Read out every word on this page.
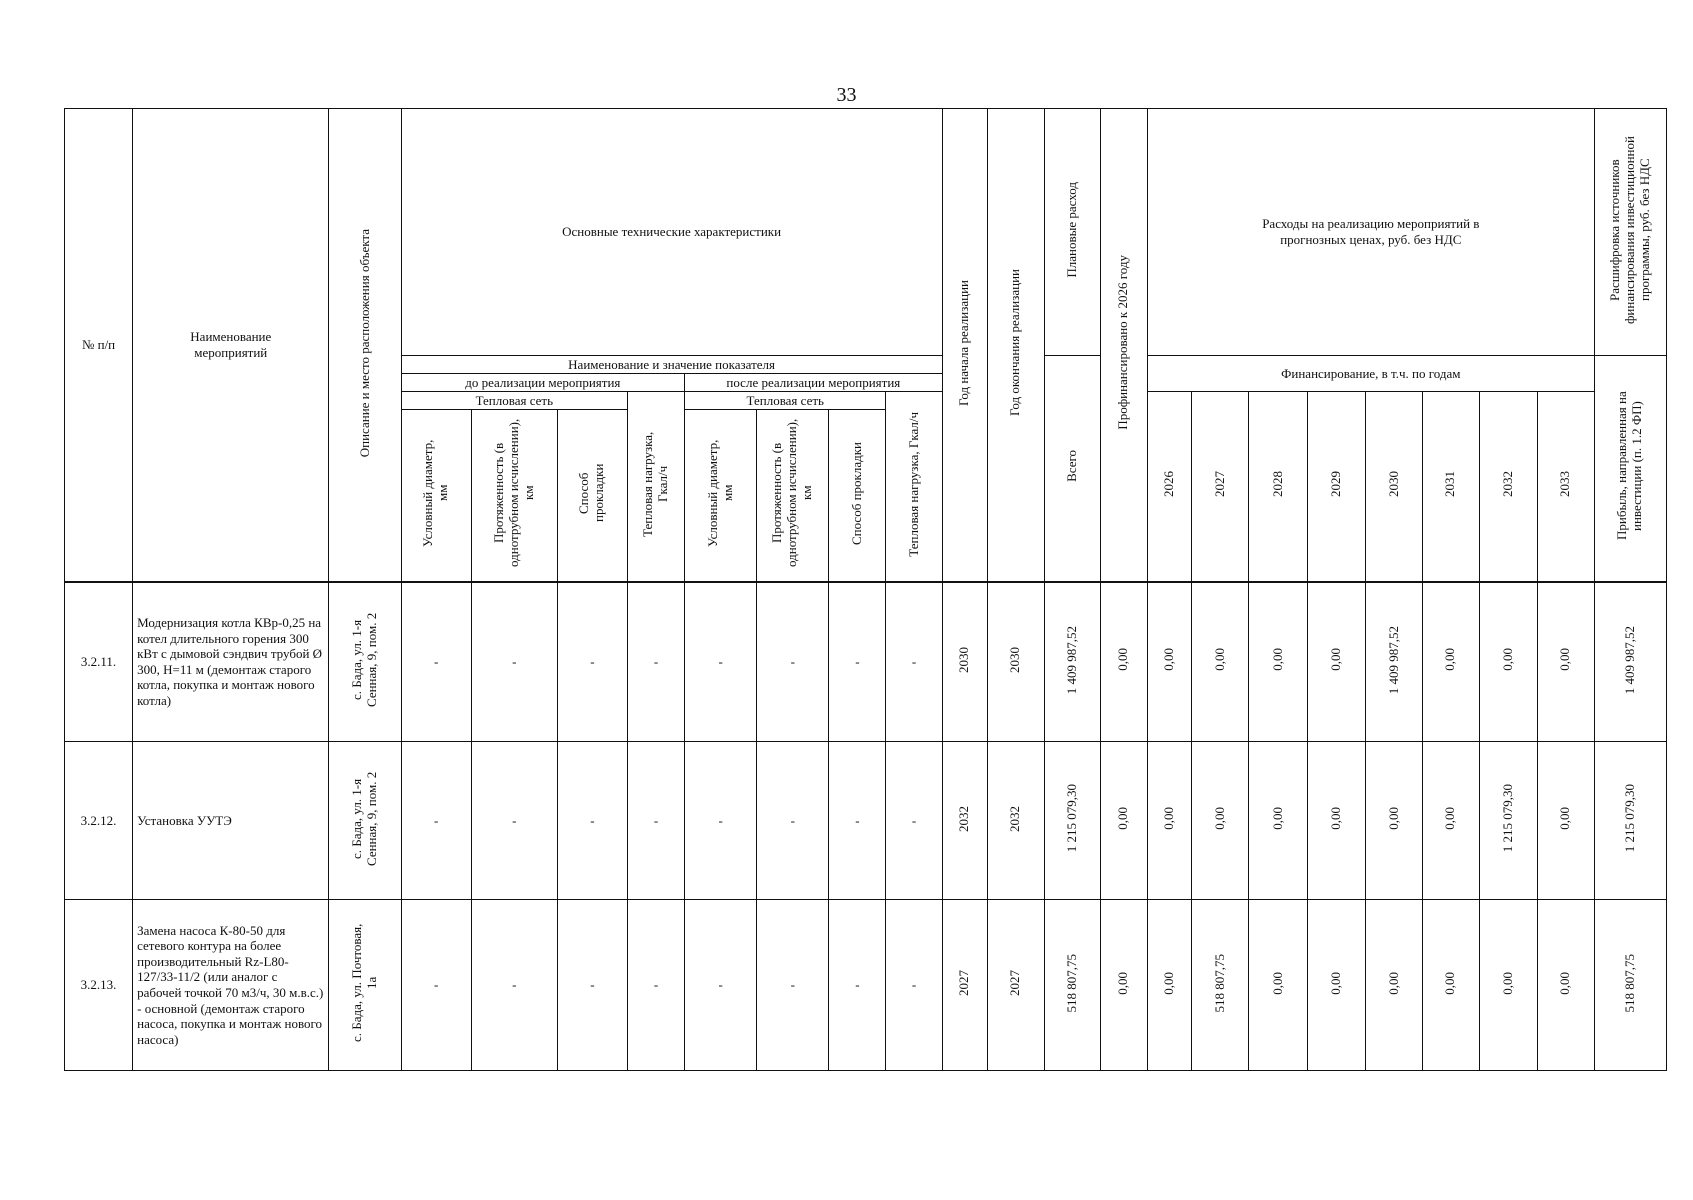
33
№ п/п	Наименование мероприятий	Описание и место расположения объекта	Основные технические характеристики								Год начала реализации	Год окончания реализации	Плановые расход	Профинансировано к 2026 году	Расходы на реализацию мероприятий в прогнозных ценах, руб. без НДС								Расшифровка источников финансирования инвестиционной программы, руб. без НДС
			Наименование и значение показателя										Всего		Финансирование, в т.ч. по годам								Прибыль, направленная на инвестиции (п. 1.2 ФП)
			до реализации мероприятия				после реализации мероприятия																
			Тепловая сеть			Тепловая нагрузка, Гкал/ч	Тепловая сеть			Тепловая нагрузка, Гкал/ч					2026	2027	2028	2029	2030	2031	2032	2033	
			Условный диаметр, мм	Протяженность (в однотрубном исчислении), км	Способ прокладки		Условный диаметр, мм	Протяженность (в однотрубном исчислении), км	Способ прокладки														
3.2.11.	Модернизация котла КВр-0,25 на котел длительного горения 300 кВт с дымовой сэндвич трубой Ø 300, Н=11 м (демонтаж старого котла, покупка и монтаж нового котла)	с. Бада, ул. 1-я Сенная, 9, пом. 2	-	-	-	-	-	-	-	-	2030	2030	1 409 987,52	0,00	0,00	0,00	0,00	0,00	1 409 987,52	0,00	0,00	0,00	1 409 987,52
3.2.12.	Установка УУТЭ	с. Бада, ул. 1-я Сенная, 9, пом. 2	-	-	-	-	-	-	-	-	2032	2032	1 215 079,30	0,00	0,00	0,00	0,00	0,00	0,00	0,00	1 215 079,30	0,00	1 215 079,30
3.2.13.	Замена насоса К-80-50 для сетевого контура на более производительный Rz-L80-127/33-11/2 (или аналог с рабочей точкой 70 м3/ч, 30 м.в.с.) - основной (демонтаж старого насоса, покупка и монтаж нового насоса)	с. Бада, ул. Почтовая, 1а	-	-	-	-	-	-	-	-	2027	2027	518 807,75	0,00	0,00	518 807,75	0,00	0,00	0,00	0,00	0,00	0,00	518 807,75
